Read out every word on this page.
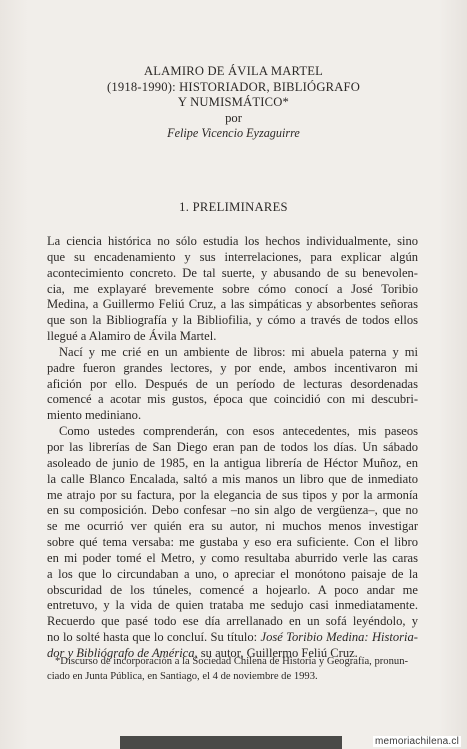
ALAMIRO DE ÁVILA MARTEL
(1918-1990): HISTORIADOR, BIBLIÓGRAFO
Y NUMISMÁTICO*
por
Felipe Vicencio Eyzaguirre
1. PRELIMINARES
La ciencia histórica no sólo estudia los hechos individualmente, sino
que su encadenamiento y sus interrelaciones, para explicar algún
acontecimiento concreto. De tal suerte, y abusando de su benevolen-
cia, me explayaré brevemente sobre cómo conocí a José Toribio
Medina, a Guillermo Feliú Cruz, a las simpáticas y absorbentes señoras
que son la Bibliografía y la Bibliofilia, y cómo a través de todos ellos
llegué a Alamiro de Ávila Martel.
Nací y me crié en un ambiente de libros: mi abuela paterna y mi
padre fueron grandes lectores, y por ende, ambos incentivaron mi
afición por ello. Después de un período de lecturas desordenadas
comencé a acotar mis gustos, época que coincidió con mi descubri-
miento mediniano.
Como ustedes comprenderán, con esos antecedentes, mis paseos
por las librerías de San Diego eran pan de todos los días. Un sábado
asoleado de junio de 1985, en la antigua librería de Héctor Muñoz, en
la calle Blanco Encalada, saltó a mis manos un libro que de inmediato
me atrajo por su factura, por la elegancia de sus tipos y por la armonía
en su composición. Debo confesar –no sin algo de vergüenza–, que no
se me ocurrió ver quién era su autor, ni muchos menos investigar
sobre qué tema versaba: me gustaba y eso era suficiente. Con el libro
en mi poder tomé el Metro, y como resultaba aburrido verle las caras
a los que lo circundaban a uno, o apreciar el monótono paisaje de la
obscuridad de los túneles, comencé a hojearlo. A poco andar me
entretuvo, y la vida de quien trataba me sedujo casi inmediatamente.
Recuerdo que pasé todo ese día arrellanado en un sofá leyéndolo, y
no lo solté hasta que lo concluí. Su título: José Toribio Medina: Historia-
dor y Bibliógrafo de América, su autor, Guillermo Feliú Cruz.
*Discurso de incorporación a la Sociedad Chilena de Historia y Geografía, pronun-
ciado en Junta Pública, en Santiago, el 4 de noviembre de 1993.
memoriachilena.cl
